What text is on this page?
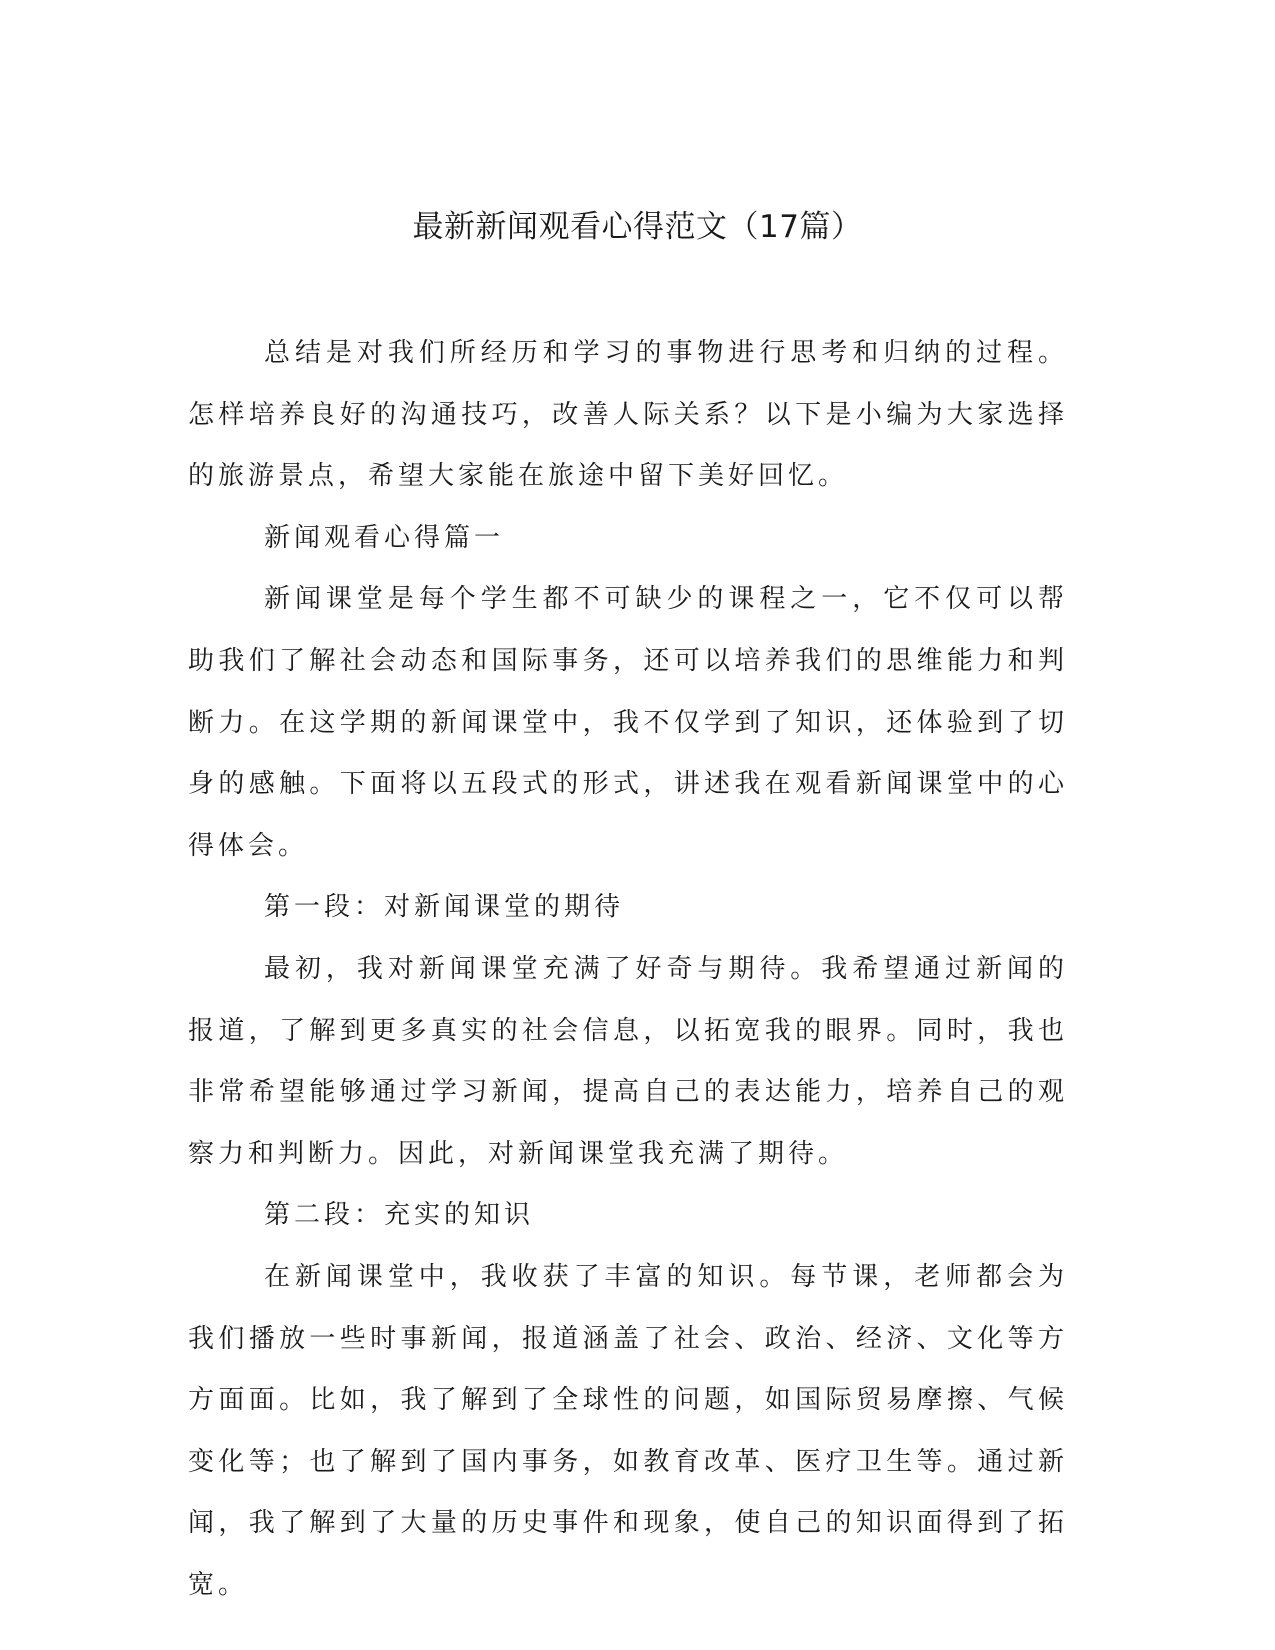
最新新闻观看心得范文（17篇）

总结是对我们所经历和学习的事物进行思考和归纳的过程。怎样培养良好的沟通技巧，改善人际关系？以下是小编为大家选择的旅游景点，希望大家能在旅途中留下美好回忆。

新闻观看心得篇一

新闻课堂是每个学生都不可缺少的课程之一，它不仅可以帮助我们了解社会动态和国际事务，还可以培养我们的思维能力和判断力。在这学期的新闻课堂中，我不仅学到了知识，还体验到了切身的感触。下面将以五段式的形式，讲述我在观看新闻课堂中的心得体会。

第一段：对新闻课堂的期待

最初，我对新闻课堂充满了好奇与期待。我希望通过新闻的报道，了解到更多真实的社会信息，以拓宽我的眼界。同时，我也非常希望能够通过学习新闻，提高自己的表达能力，培养自己的观察力和判断力。因此，对新闻课堂我充满了期待。

第二段：充实的知识

在新闻课堂中，我收获了丰富的知识。每节课，老师都会为我们播放一些时事新闻，报道涵盖了社会、政治、经济、文化等方方面面。比如，我了解到了全球性的问题，如国际贸易摩擦、气候变化等；也了解到了国内事务，如教育改革、医疗卫生等。通过新闻，我了解到了大量的历史事件和现象，使自己的知识面得到了拓宽。
